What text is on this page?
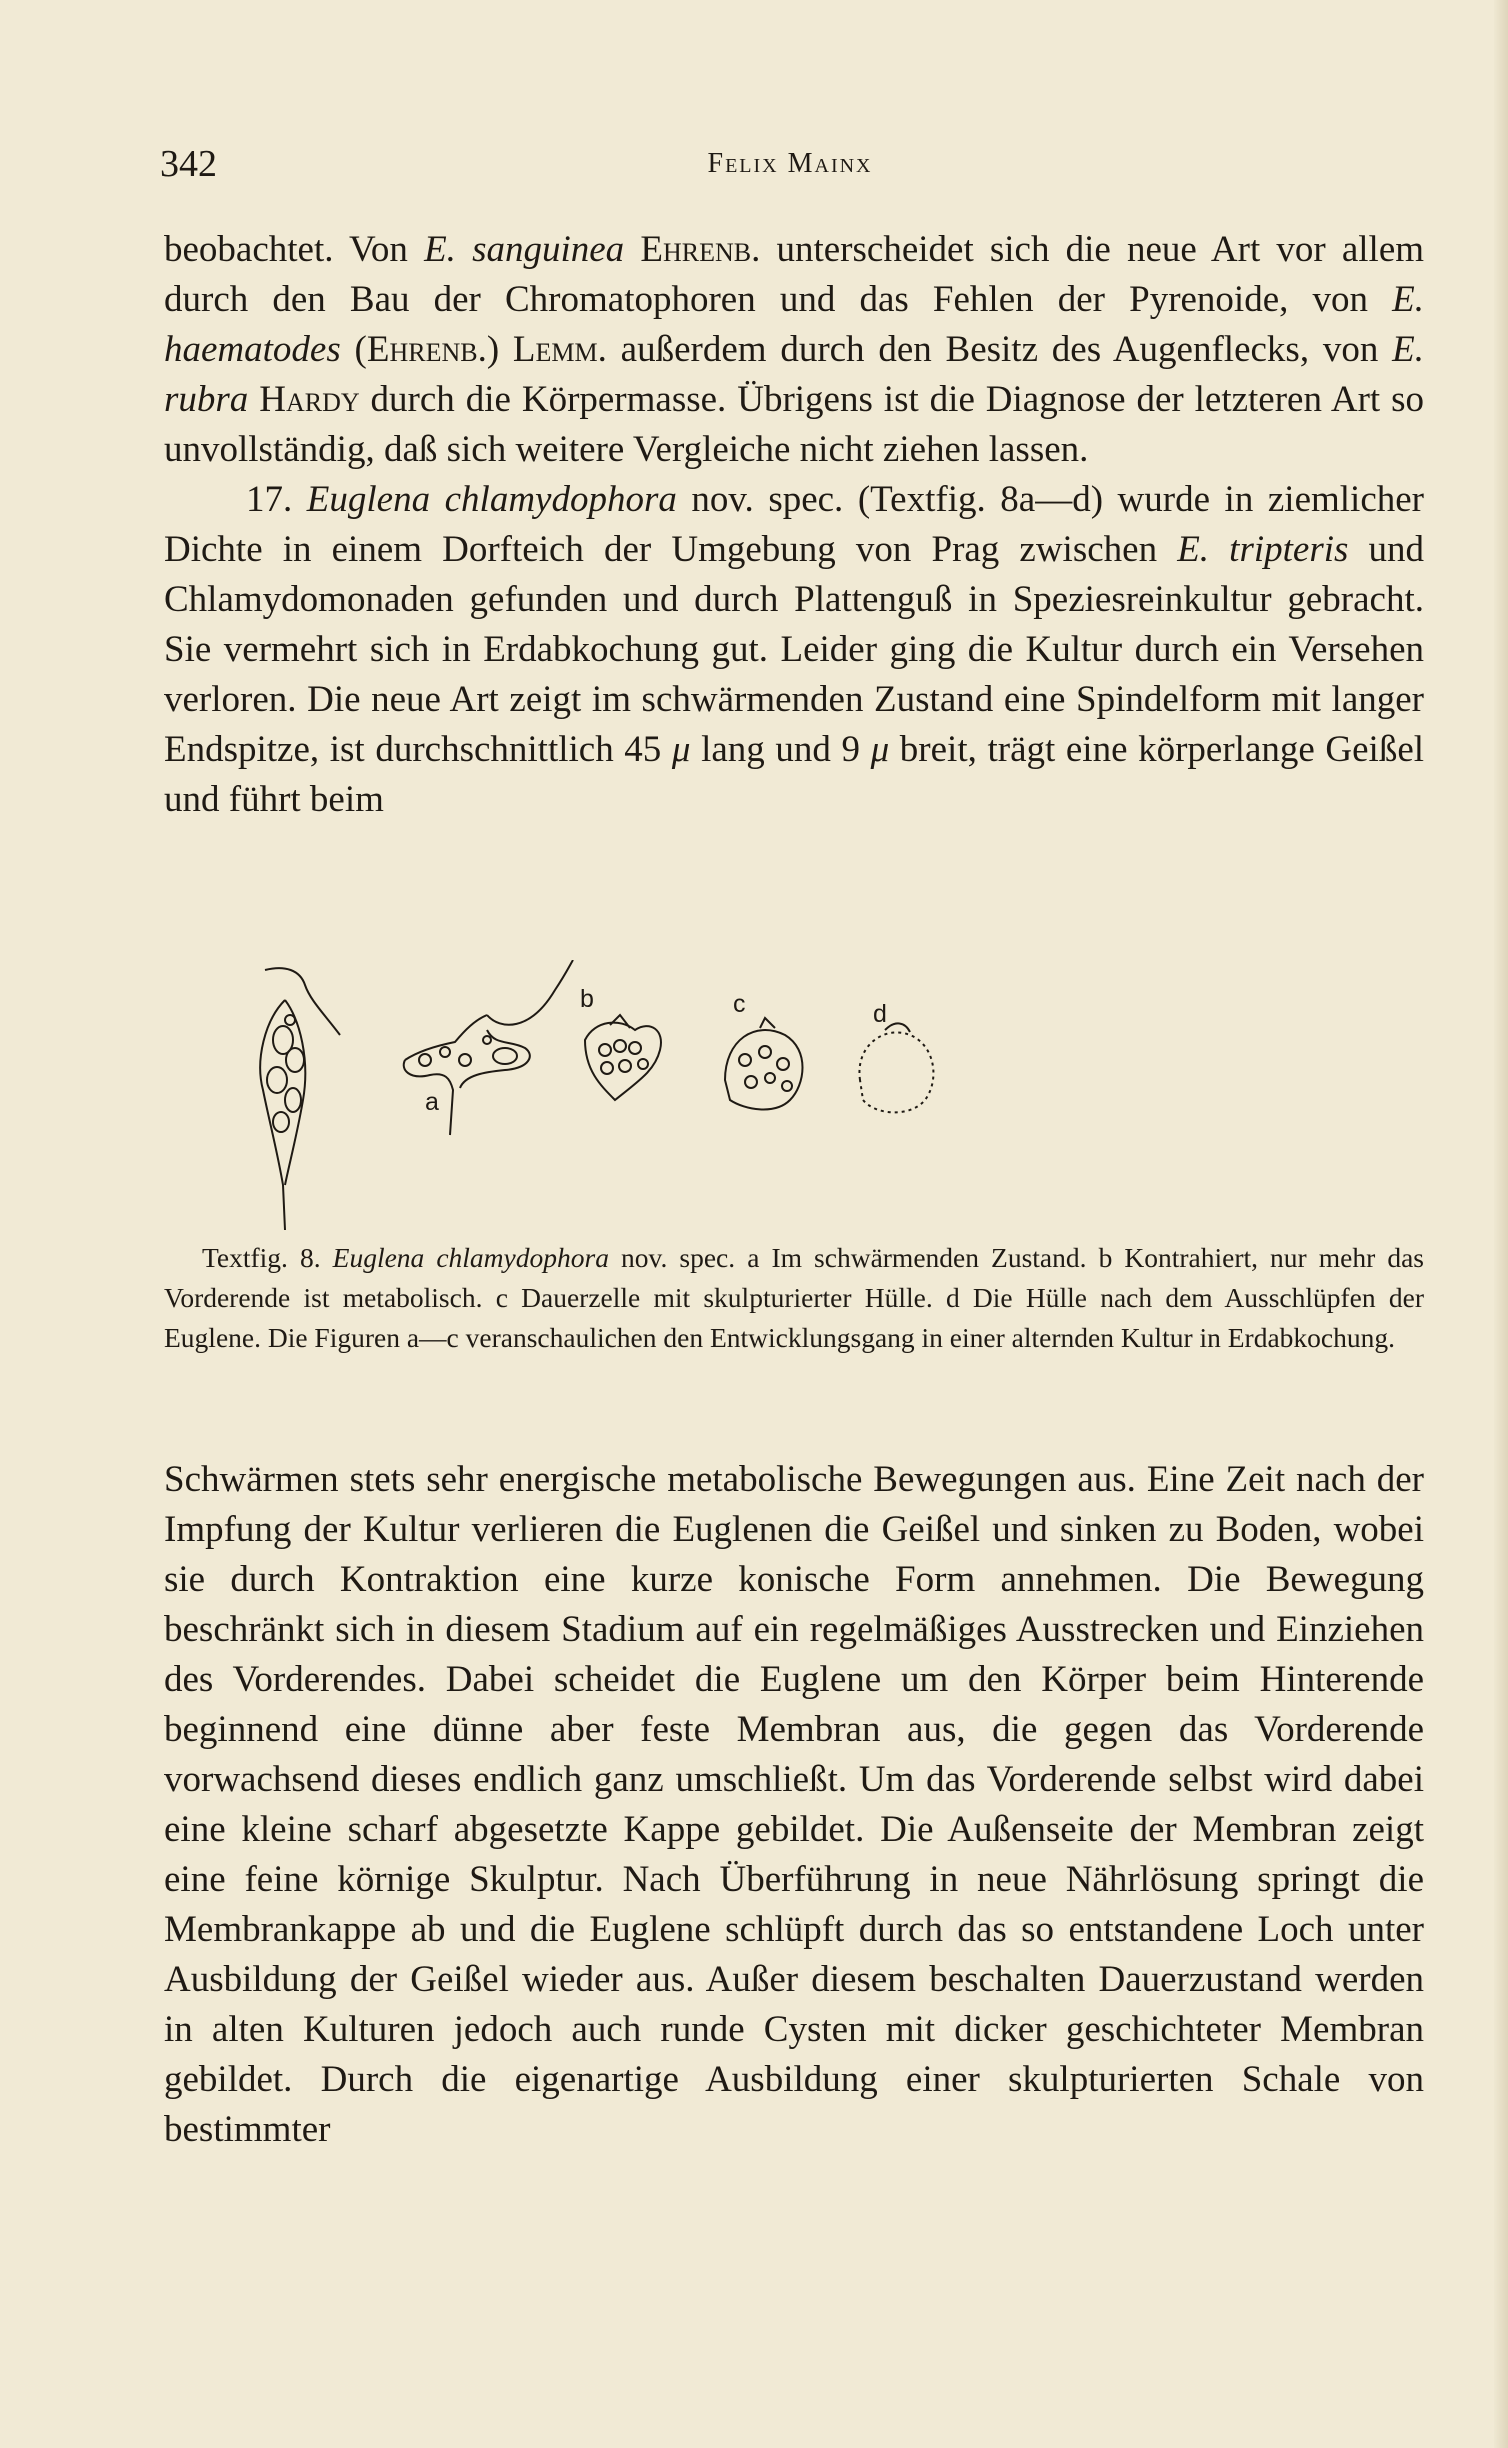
342	Felix Mainx

beobachtet. Von E. sanguinea Ehrenb. unterscheidet sich die neue Art vor allem durch den Bau der Chromatophoren und das Fehlen der Pyrenoide, von E. haematodes (Ehrenb.) Lemm. außerdem durch den Besitz des Augenflecks, von E. rubra Hardy durch die Körpermasse. Übrigens ist die Diagnose der letzteren Art so unvollständig, daß sich weitere Vergleiche nicht ziehen lassen.

17. Euglena chlamydophora nov. spec. (Textfig. 8a—d) wurde in ziemlicher Dichte in einem Dorfteich der Umgebung von Prag zwischen E. tripteris und Chlamydomonaden gefunden und durch Plattenguß in Speziesreinkultur gebracht. Sie vermehrt sich in Erdabkochung gut. Leider ging die Kultur durch ein Versehen verloren. Die neue Art zeigt im schwärmenden Zustand eine Spindelform mit langer Endspitze, ist durchschnittlich 45 μ lang und 9 μ breit, trägt eine körperlange Geißel und führt beim

a
b	c	d

Textfig. 8. Euglena chlamydophora nov. spec. a Im schwärmenden Zustand. b Kontrahiert, nur mehr das Vorderende ist metabolisch. c Dauerzelle mit skulpturierter Hülle. d Die Hülle nach dem Ausschlüpfen der Euglene. Die Figuren a—c veranschaulichen den Entwicklungsgang in einer alternden Kultur in Erdabkochung.

Schwärmen stets sehr energische metabolische Bewegungen aus. Eine Zeit nach der Impfung der Kultur verlieren die Euglenen die Geißel und sinken zu Boden, wobei sie durch Kontraktion eine kurze konische Form annehmen. Die Bewegung beschränkt sich in diesem Stadium auf ein regelmäßiges Ausstrecken und Einziehen des Vorderendes. Dabei scheidet die Euglene um den Körper beim Hinterende beginnend eine dünne aber feste Membran aus, die gegen das Vorderende vorwachsend dieses endlich ganz umschließt. Um das Vorderende selbst wird dabei eine kleine scharf abgesetzte Kappe gebildet. Die Außenseite der Membran zeigt eine feine körnige Skulptur. Nach Überführung in neue Nährlösung springt die Membrankappe ab und die Euglene schlüpft durch das so entstandene Loch unter Ausbildung der Geißel wieder aus. Außer diesem beschalten Dauerzustand werden in alten Kulturen jedoch auch runde Cysten mit dicker geschichteter Membran gebildet. Durch die eigenartige Ausbildung einer skulpturierten Schale von bestimmter
